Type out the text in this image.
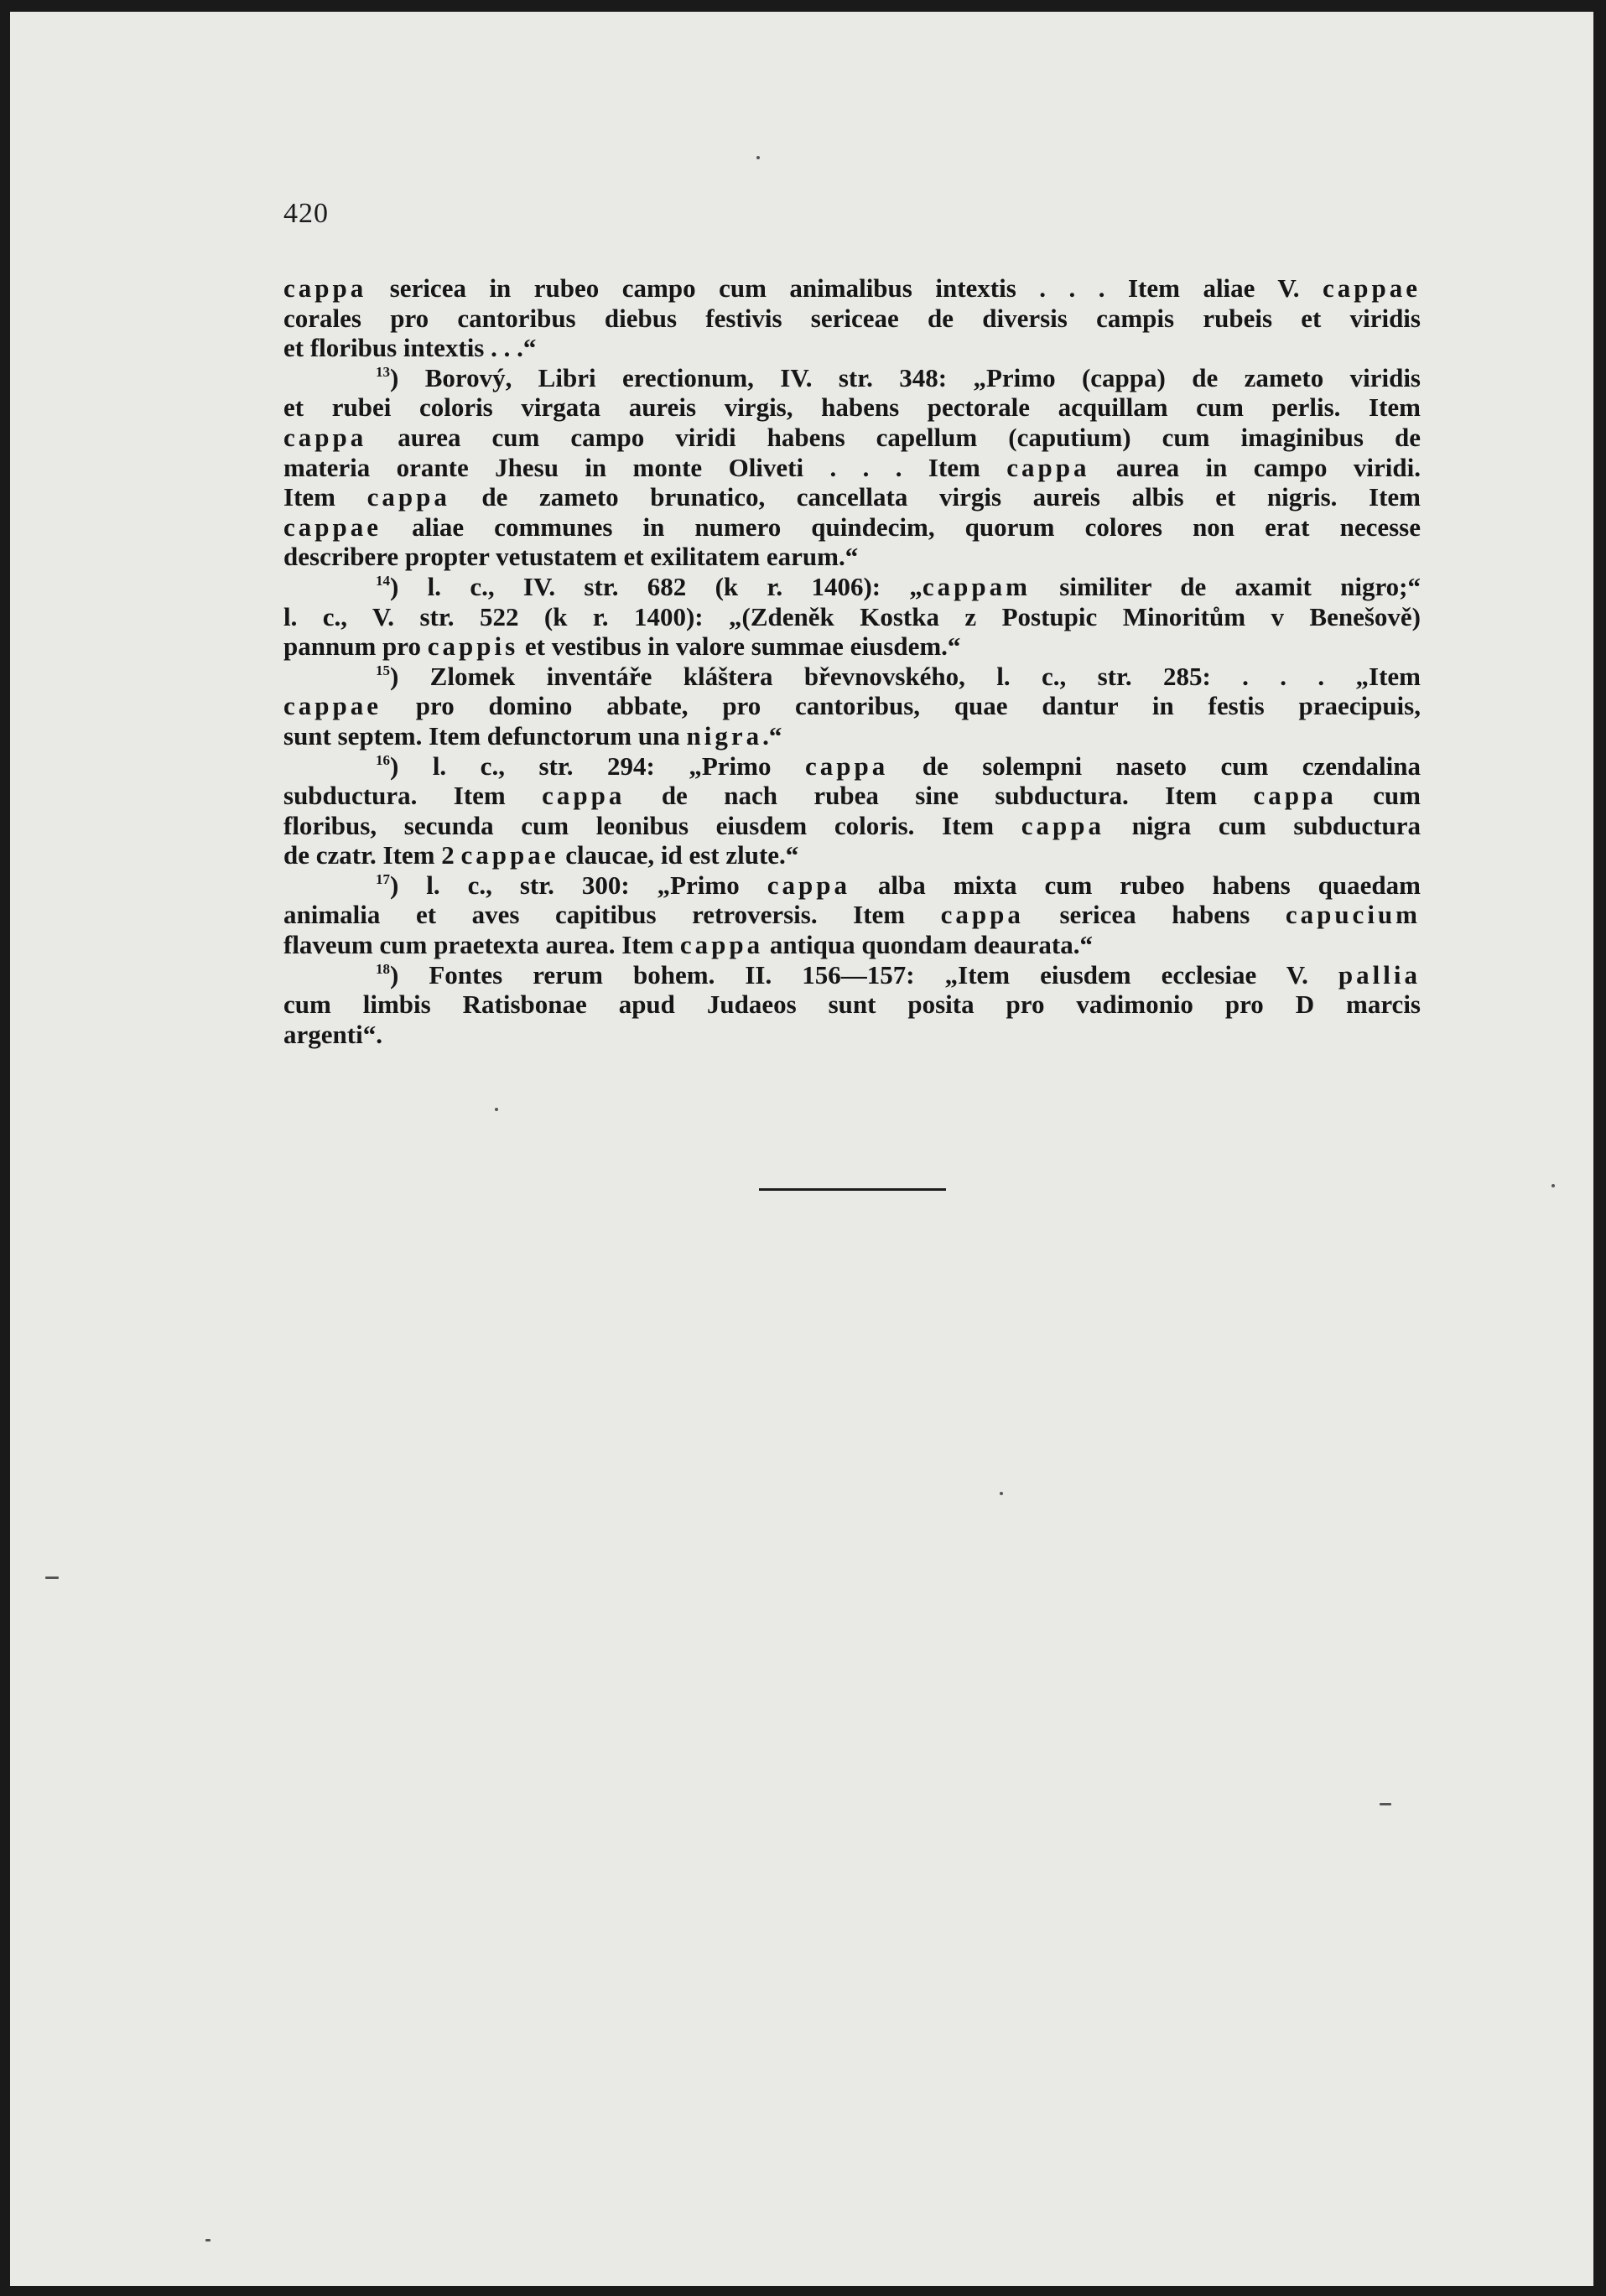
420
cappa sericea in rubeo campo cum animalibus intextis . . . Item aliae V. cappae
corales pro cantoribus diebus festivis sericeae de diversis campis rubeis et viridis
et floribus intextis . . .“
$^{13}$) Borový, Libri erectionum, IV. str. 348: „Primo (cappa) de zameto viridis
et rubei coloris virgata aureis virgis, habens pectorale acquillam cum perlis. Item
cappa aurea cum campo viridi habens capellum (caputium) cum imaginibus de
materia orante Jhesu in monte Oliveti . . . Item cappa aurea in campo viridi.
Item cappa de zameto brunatico, cancellata virgis aureis albis et nigris. Item
cappae aliae communes in numero quindecim, quorum colores non erat necesse
describere propter vetustatem et exilitatem earum.“
$^{14}$) l. c., IV. str. 682 (k r. 1406): „cappam similiter de axamit nigro;“
l. c., V. str. 522 (k r. 1400): „(Zdeněk Kostka z Postupic Minoritům v Benešově)
pannum pro cappis et vestibus in valore summae eiusdem.“
$^{15}$) Zlomek inventáře kláštera břevnovského, l. c., str. 285: . . . „Item
cappae pro domino abbate, pro cantoribus, quae dantur in festis praecipuis,
sunt septem. Item defunctorum una nigra.“
$^{16}$) l. c., str. 294: „Primo cappa de solempni naseto cum czendalina
subductura. Item cappa de nach rubea sine subductura. Item cappa cum
floribus, secunda cum leonibus eiusdem coloris. Item cappa nigra cum subductura
de czatr. Item 2 cappae claucae, id est zlute.“
$^{17}$) l. c., str. 300: „Primo cappa alba mixta cum rubeo habens quaedam
animalia et aves capitibus retroversis. Item cappa sericea habens capucium
flaveum cum praetexta aurea. Item cappa antiqua quondam deaurata.“
$^{18}$) Fontes rerum bohem. II. 156—157: „Item eiusdem ecclesiae V. pallia
cum limbis Ratisbonae apud Judaeos sunt posita pro vadimonio pro D marcis
argenti“.
